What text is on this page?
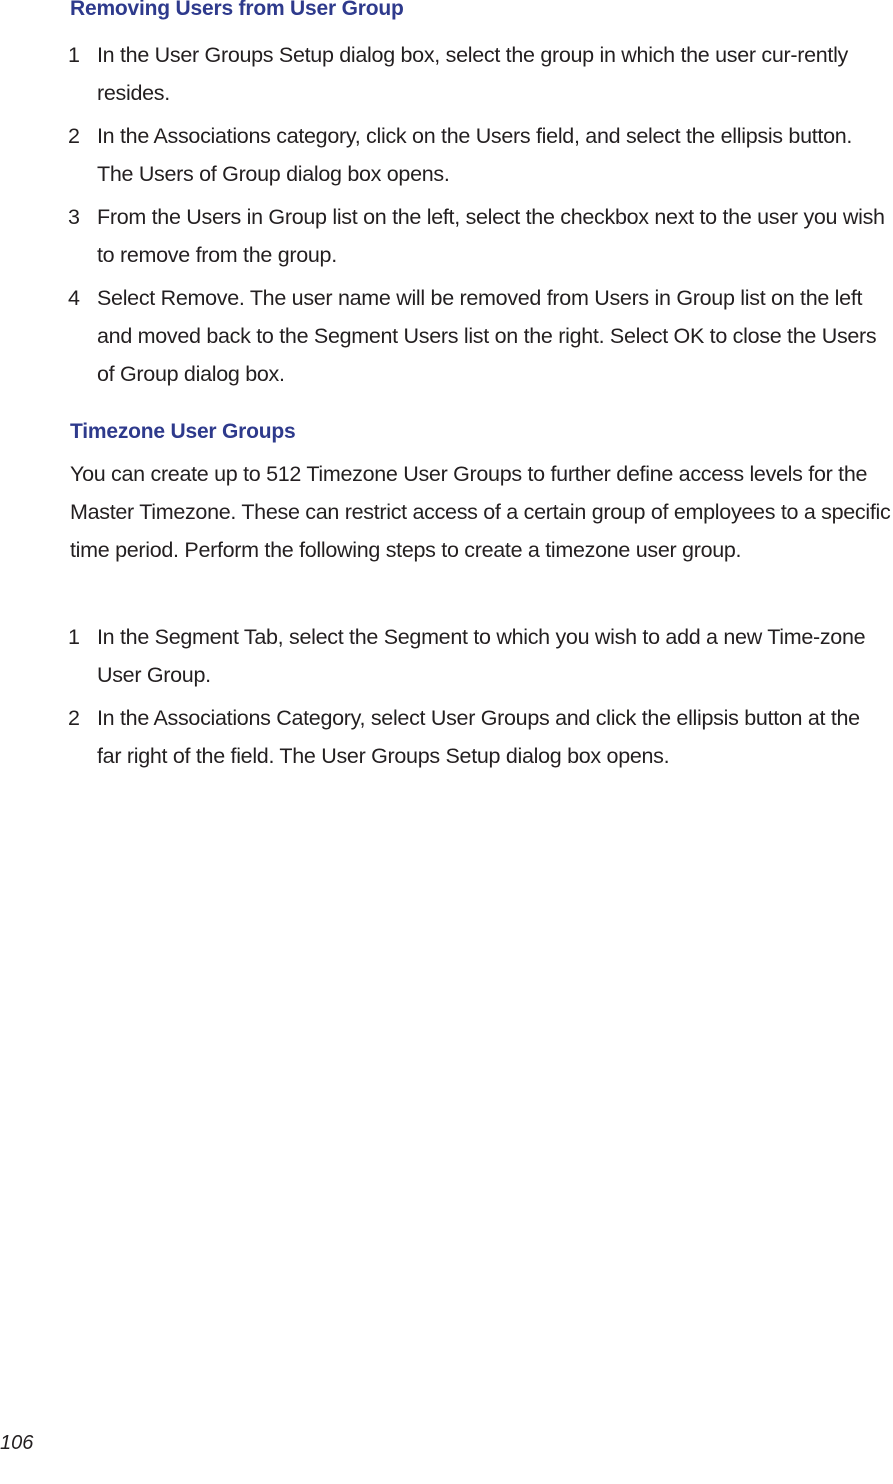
Removing Users from User Group
1 In the User Groups Setup dialog box, select the group in which the user cur-rently resides.
2 In the Associations category, click on the Users field, and select the ellipsis button. The Users of Group dialog box opens.
3 From the Users in Group list on the left, select the checkbox next to the user you wish to remove from the group.
4 Select Remove. The user name will be removed from Users in Group list on the left and moved back to the Segment Users list on the right. Select OK to close the Users of Group dialog box.
Timezone User Groups

You can create up to 512 Timezone User Groups to further define access levels for the Master Timezone. These can restrict access of a certain group of employees to a specific time period. Perform the following steps to create a timezone user group.

1 In the Segment Tab, select the Segment to which you wish to add a new Time-zone User Group.
2 In the Associations Category, select User Groups and click the ellipsis button at the far right of the field. The User Groups Setup dialog box opens.
106
